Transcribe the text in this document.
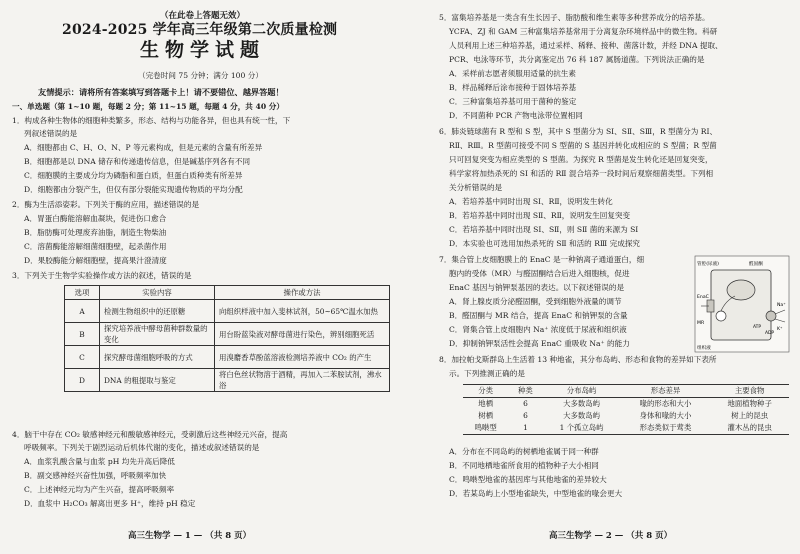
（在此卷上答题无效）
2024-2025 学年高三年级第二次质量检测
生物学试题
（完卷时间 75 分钟；满分 100 分）
友情提示：请将所有答案填写到答题卡上！请不要错位、越界答题！
一、单选题（第 1~10 题，每题 2 分；第 11~15 题，每题 4 分，共 40 分）
1．构成各种生物体的细胞种类繁多，形态、结构与功能各异，但也具有统一性，下
列叙述错误的是
A．细胞都由 C、H、O、N、P 等元素构成，但是元素的含量有所差异
B．细胞都是以 DNA 储存和传递遗传信息，但是碱基序列各有不同
C．细胞膜的主要成分均为磷脂和蛋白质，但蛋白质种类有所差异
D．细胞都由分裂产生，但仅有部分裂能实现遗传物质的平均分配
2．酶为生活添姿彩。下列关于酶的应用，描述错误的是
A．胃蛋白酶能溶解血凝块，促进伤口愈合
B．脂肪酶可处理废弃油脂，制造生物柴油
C．溶菌酶能溶解细菌细胞壁，起杀菌作用
D．果胶酶能分解细胞壁，提高果汁澄清度
3．下列关于生物学实验操作或方法的叙述，错误的是
选项	实验内容	操作或方法
A	检测生物组织中的还原糖	向组织样液中加入斐林试剂，50~65℃温水加热
B	探究培养液中酵母菌种群数量的变化	用台盼蓝染液对酵母菌进行染色，辨别细胞死活
C	探究酵母菌细胞呼吸的方式	用溴麝香草酚蓝溶液检测培养液中 CO₂ 的产生
D	DNA 的粗提取与鉴定	将白色丝状物溶于酒精，再加入二苯胺试剂，沸水浴
4．脑干中存在 CO₂ 敏感神经元和酸敏感神经元，受刺激后这些神经元兴奋，提高
呼吸频率。下列关于剧烈运动后机体代谢的变化，描述或叙述错误的是
A．血浆乳酸含量与血浆 pH 均先升高后降低
B．副交感神经兴奋性加强，呼吸频率加快
C．上述神经元均为产生兴奋，提高呼吸频率
D．血浆中 H₂CO₃ 解离出更多 H⁺，维持 pH 稳定
高三生物学 — 1 — （共 8 页）
5．富集培养基是一类含有生长因子、脂肪酸和维生素等多种营养成分的培养基。
YCFA、ZJ 和 GAM 三种富集培养基常用于分离复杂环境样品中的微生物。科研
人员利用上述三种培养基，通过采样、稀释、接种、菌落计数，并经 DNA 提取、
PCR、电泳等环节，共分离鉴定出 76 科 187 属肠道菌。下列说法正确的是
A．采样前志愿者须服用适量的抗生素
B．样品稀释后涂布接种于固体培养基
C．三种富集培养基可用于菌种的鉴定
D．不同菌种 PCR 产物电泳带位置相同
6．肺炎链球菌有 R 型和 S 型，其中 S 型菌分为 SⅠ、SⅡ、SⅢ，R 型菌分为 RⅠ、
RⅡ、RⅢ。R 型菌可接受不同 S 型菌的 S 基因并转化成相应的 S 型菌；R 型菌
只可回复突变为相应类型的 S 型菌。为探究 R 型菌是发生转化还是回复突变，
科学家将加热杀死的 SⅠ 和活的 RⅡ 混合培养一段时间后观察细菌类型。下列相
关分析错误的是
A．若培养基中同时出现 SⅠ、RⅡ，说明发生转化
B．若培养基中同时出现 SⅡ、RⅡ，说明发生回复突变
C．若培养基中同时出现 SⅠ、SⅡ，则 SⅡ 菌的来源为 SⅠ
D．本实验也可选用加热杀死的 SⅡ 和活的 RⅢ 完成探究
7．集合管上皮细胞膜上的 EnaC 是一种钠离子通道蛋白，细
胞内的受体（MR）与醛固酮结合后进入细胞核，促进
EnaC 基因与钠钾泵基因的表达。以下叙述错误的是
A．肾上腺皮质分泌醛固酮，受到细胞外液量的调节
B．醛固酮与 MR 结合，提高 EnaC 和钠钾泵的含量
C．肾集合管上皮细胞内 Na⁺ 浓度低于尿液和组织液
D．抑制钠钾泵活性会提高 EnaC 重吸收 Na⁺ 的能力
管腔(尿液)	醛固酮
MR
EnaC
ATP
ADP
Na⁺
K⁺
组织液
8．加拉帕戈斯群岛上生活着 13 种地雀，其分布岛屿、形态和食物的差异如下表所
示。下列推测正确的是
分类	种类	分布岛屿	形态差异	主要食物
地栖	6	大多数岛屿	喙的形态和大小	地面植物种子
树栖	6	大多数岛屿	身体和喙的大小	树上的昆虫
鸣啭型	1	1 个孤立岛屿	形态类似于莺类	灌木丛的昆虫
A．分布在不同岛屿的树栖地雀属于同一种群
B．不同地栖地雀所食用的植物种子大小相同
C．鸣啭型地雀的基因库与其他地雀的差异较大
D．若某岛屿上小型地雀缺失，中型地雀的喙会更大
高三生物学 — 2 — （共 8 页）
